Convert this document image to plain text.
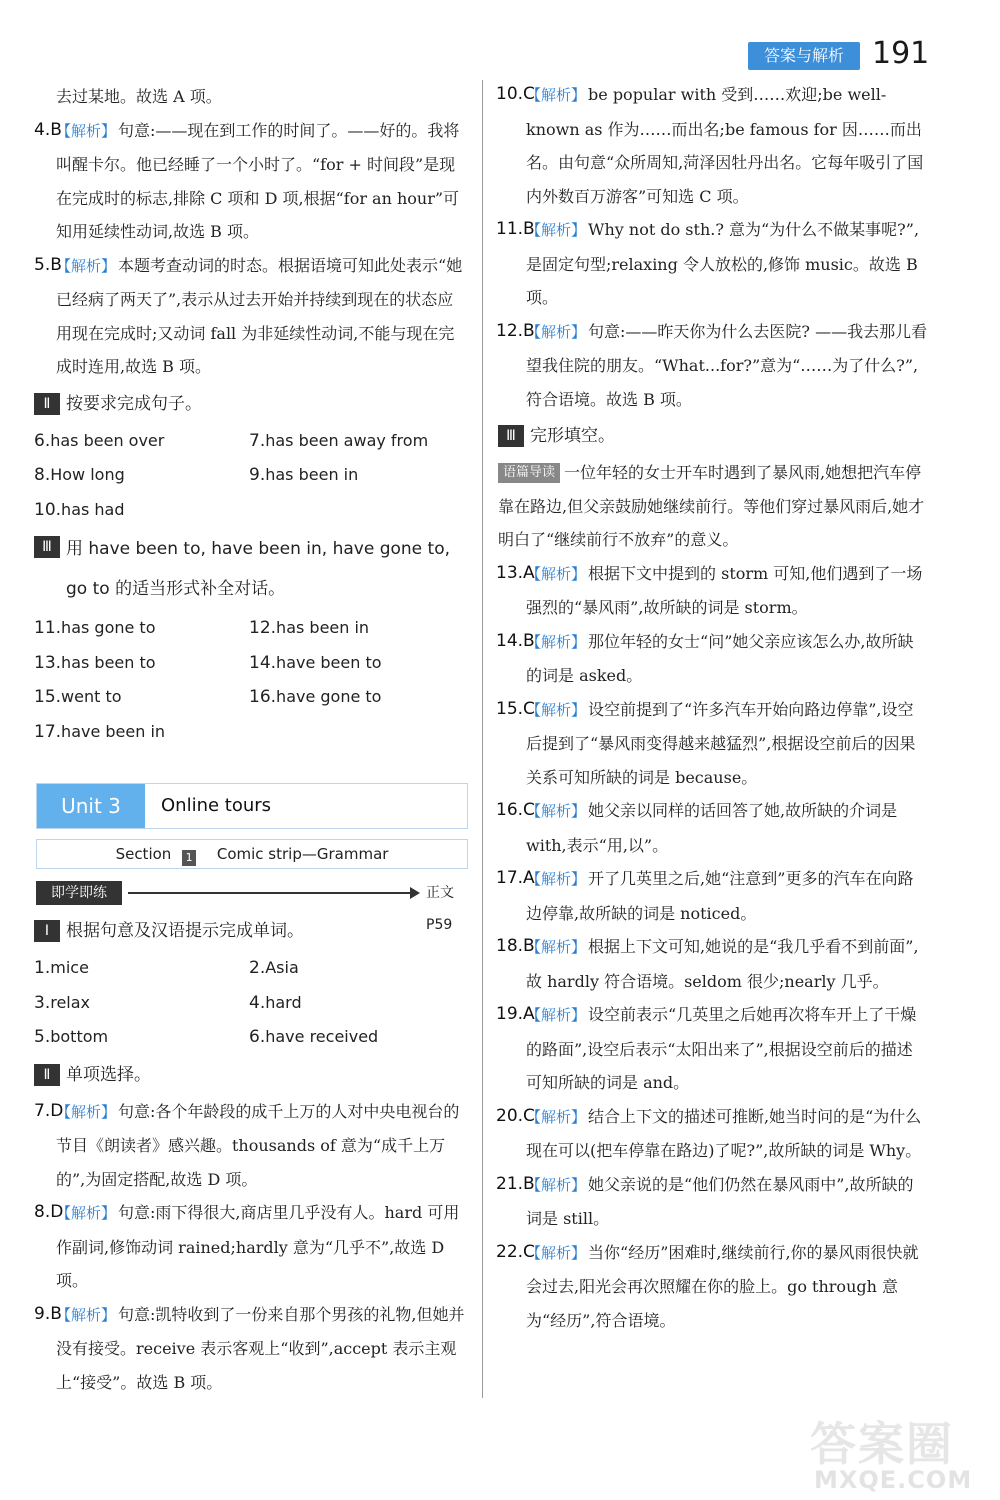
答案与解析 191
去过某地。故选 A 项。
4.B
【解析】 句意:——现在到工作的时间了。——好的。我将叫醒卡尔。他已经睡了一个小时了。“for + 时间段”是现在完成时的标志,排除 C 项和 D 项,根据“for an hour”可知用延续性动词,故选 B 项。
5.B
【解析】 本题考查动词的时态。根据语境可知此处表示“她已经病了两天了”,表示从过去开始并持续到现在的状态应用现在完成时;又动词 fall 为非延续性动词,不能与现在完成时连用,故选 B 项。
Ⅱ 按要求完成句子。
6.has been over	7.has been away from
8.How long	9.has been in
10.has had
Ⅲ 用 have been to, have been in, have gone to, go to 的适当形式补全对话。
11.has gone to	12.has been in
13.has been to	14.have been to
15.went to	16.have gone to
17.have been in
Unit 3	Online tours
Section 1 Comic strip—Grammar
即学即练	正文 P59
Ⅰ 根据句意及汉语提示完成单词。
1.mice	2.Asia
3.relax	4.hard
5.bottom	6.have received
Ⅱ 单项选择。
7.D
【解析】 句意:各个年龄段的成千上万的人对中央电视台的节目《朗读者》感兴趣。thousands of 意为“成千上万的”,为固定搭配,故选 D 项。
8.D
【解析】 句意:雨下得很大,商店里几乎没有人。hard 可用作副词,修饰动词 rained;hardly 意为“几乎不”,故选 D 项。
9.B
【解析】 句意:凯特收到了一份来自那个男孩的礼物,但她并没有接受。receive 表示客观上“收到”,accept 表示主观上“接受”。故选 B 项。
10.C
【解析】 be popular with 受到……欢迎;be well-known as 作为……而出名;be famous for 因……而出名。由句意“众所周知,菏泽因牡丹出名。它每年吸引了国内外数百万游客”可知选 C 项。
11.B
【解析】 Why not do sth.? 意为“为什么不做某事呢?”,是固定句型;relaxing 令人放松的,修饰 music。故选 B 项。
12.B
【解析】 句意:——昨天你为什么去医院? ——我去那儿看望我住院的朋友。“What...for?”意为“……为了什么?”,符合语境。故选 B 项。
Ⅲ 完形填空。
语篇导读 一位年轻的女士开车时遇到了暴风雨,她想把汽车停靠在路边,但父亲鼓励她继续前行。等他们穿过暴风雨后,她才明白了“继续前行不放弃”的意义。
13.A
【解析】 根据下文中提到的 storm 可知,他们遇到了一场强烈的“暴风雨”,故所缺的词是 storm。
14.B
【解析】 那位年轻的女士“问”她父亲应该怎么办,故所缺的词是 asked。
15.C
【解析】 设空前提到了“许多汽车开始向路边停靠”,设空后提到了“暴风雨变得越来越猛烈”,根据设空前后的因果关系可知所缺的词是 because。
16.C
【解析】 她父亲以同样的话回答了她,故所缺的介词是 with,表示“用,以”。
17.A
【解析】 开了几英里之后,她“注意到”更多的汽车在向路边停靠,故所缺的词是 noticed。
18.B
【解析】 根据上下文可知,她说的是“我几乎看不到前面”,故 hardly 符合语境。seldom 很少;nearly 几乎。
19.A
【解析】 设空前表示“几英里之后她再次将车开上了干燥的路面”,设空后表示“太阳出来了”,根据设空前后的描述可知所缺的词是 and。
20.C
【解析】 结合上下文的描述可推断,她当时问的是“为什么现在可以(把车停靠在路边)了呢?”,故所缺的词是 Why。
21.B
【解析】 她父亲说的是“他们仍然在暴风雨中”,故所缺的词是 still。
22.C
【解析】 当你“经历”困难时,继续前行,你的暴风雨很快就会过去,阳光会再次照耀在你的脸上。go through 意为“经历”,符合语境。
答案圈
MXQE.COM
